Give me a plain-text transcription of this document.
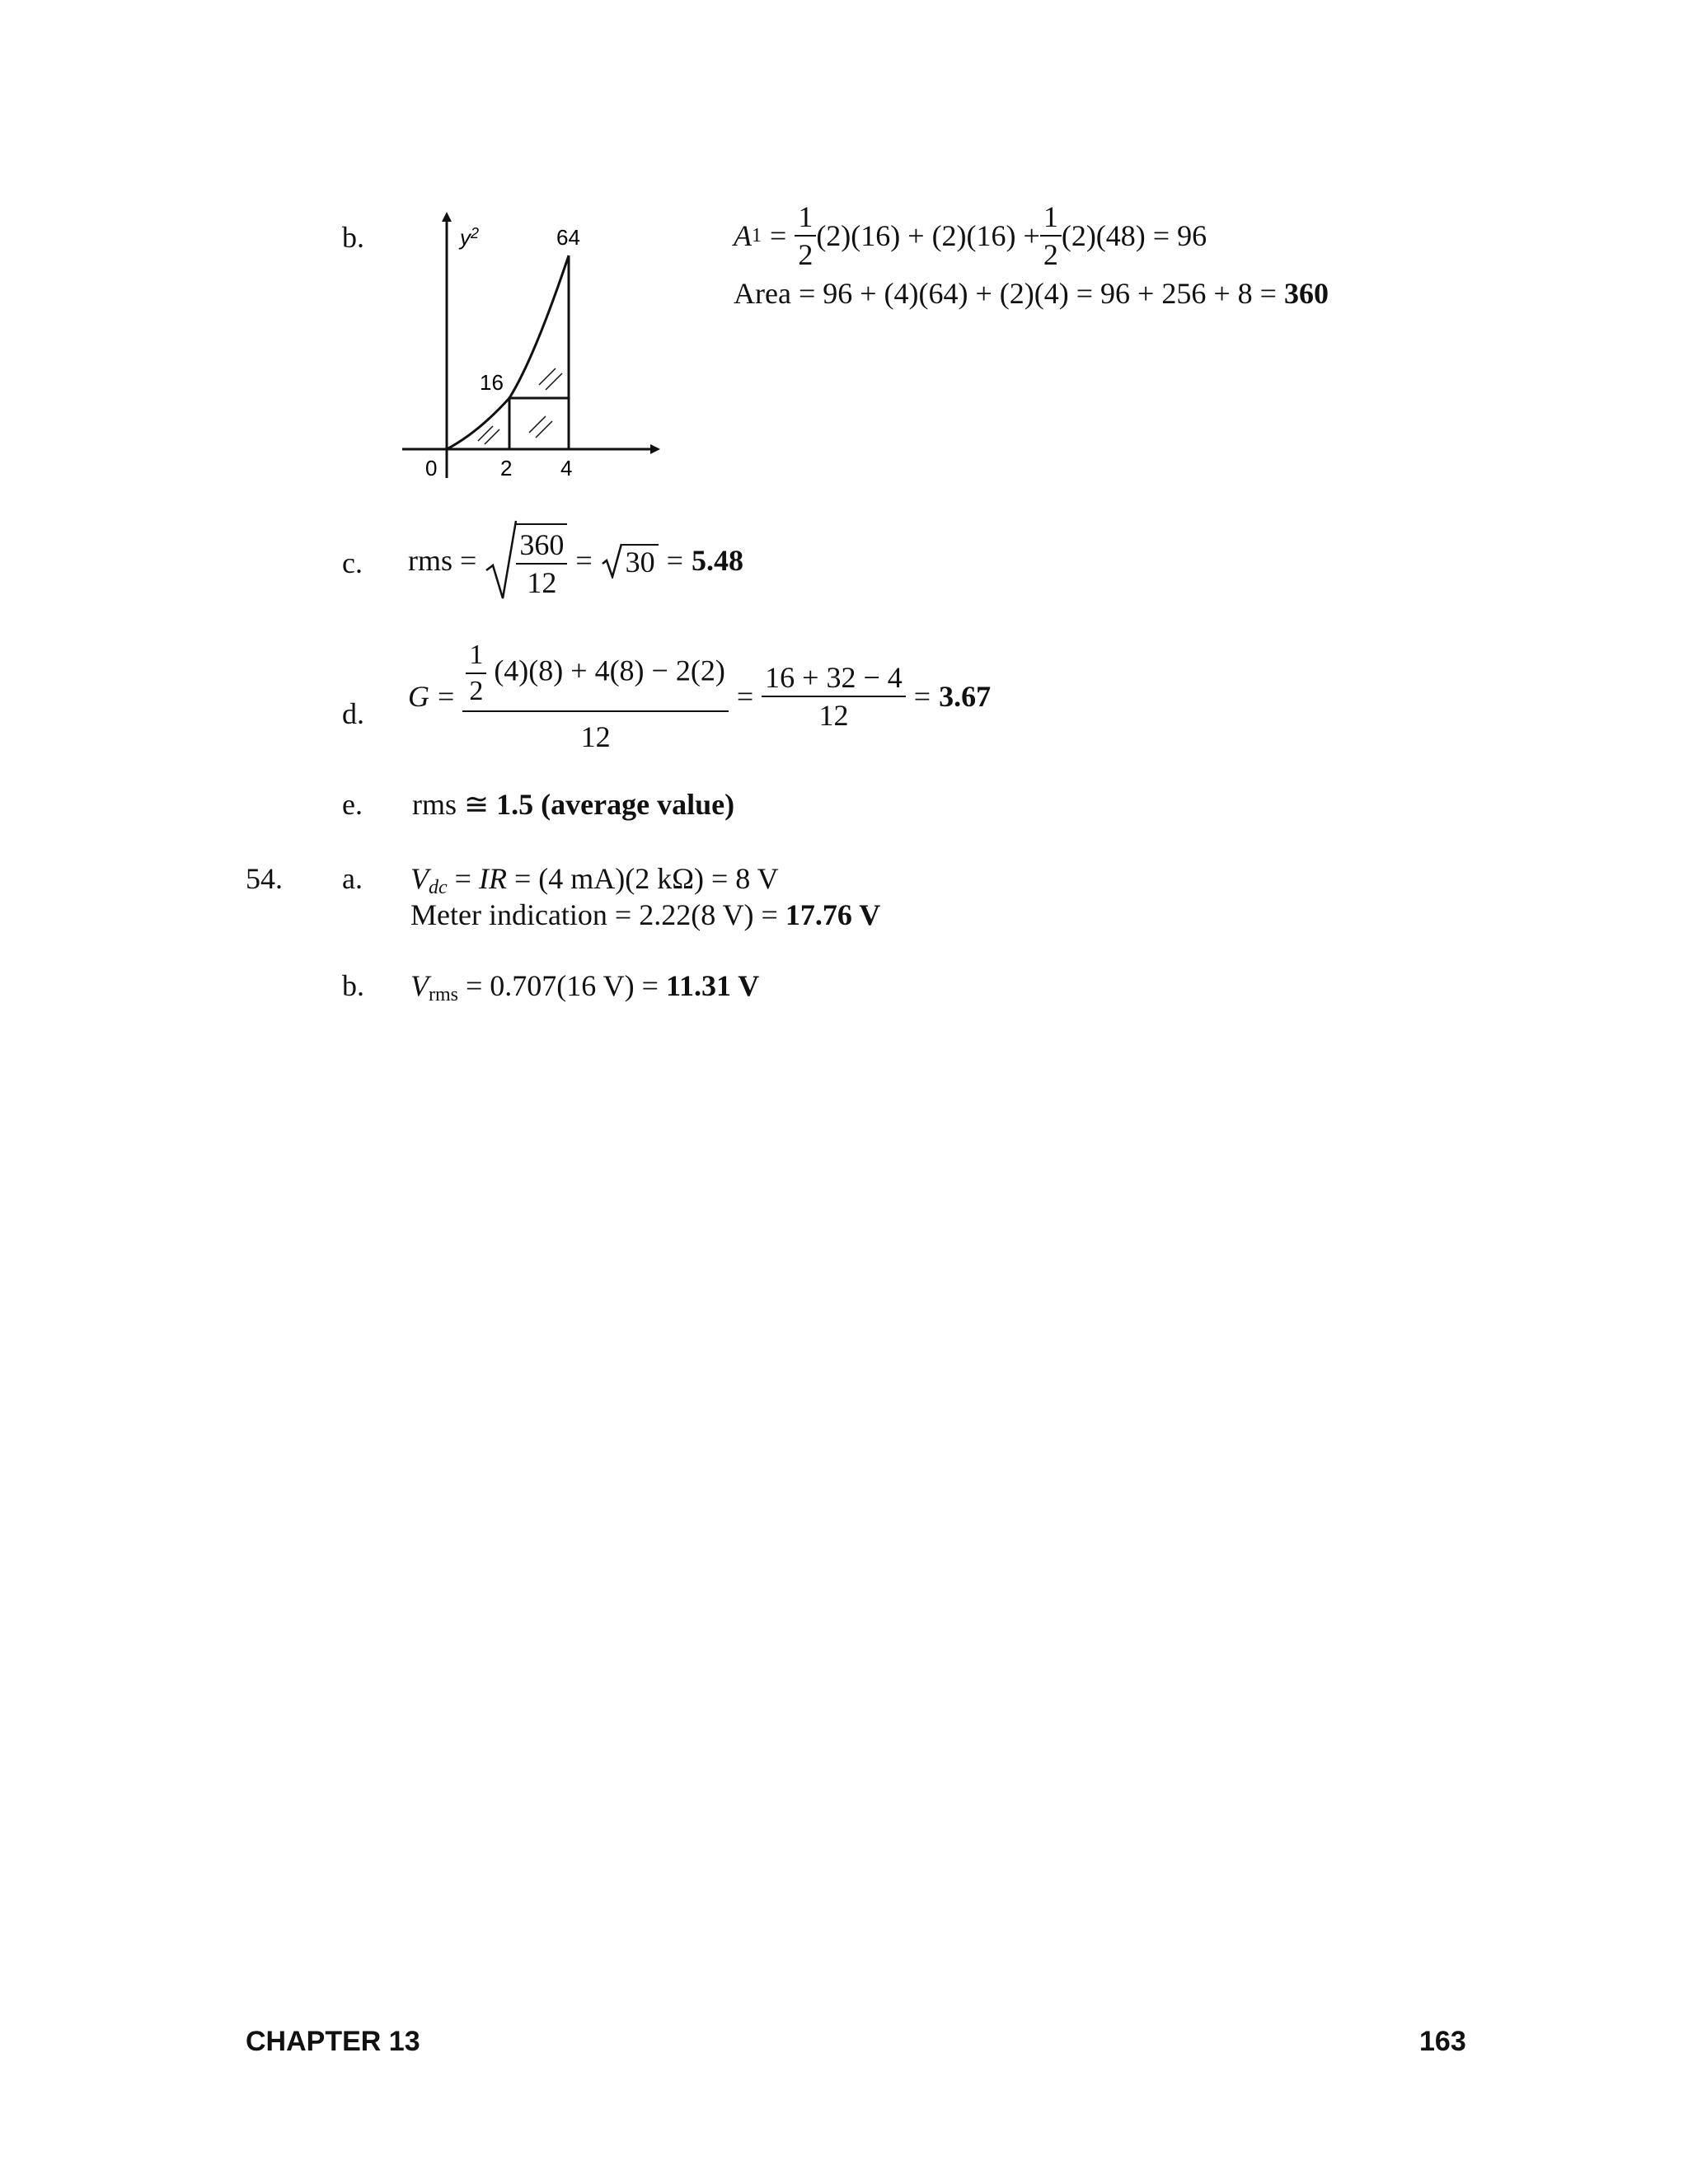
b.	$y^2$	64
16
0	2 4
A $1 = \frac{1}{2} (2)(16) + (2)(16) + \frac{1}{2} (2)(48) = 96$
Area = 96 + (4)(64) + (2)(4) = 96 + 256 + 8 = 360
c. rms = $\frac{360}{12} = 30 = 5.48$
d.
$G = \frac{\frac{1}{2} (4)(8) + 4(8) - 2(2)}{12} = \frac{16 + 32 - 4}{12} = 3.67$
e. rms ≅ 1.5 (average value)
54. a. $V_{dc}$ = IR = (4 mA)(2 kΩ) = 8 V
Meter indication = 2.22(8 V) = 17.76 V
b. Vrms = 0.707(16 V) = 11.31 V
CHAPTER 13	163
